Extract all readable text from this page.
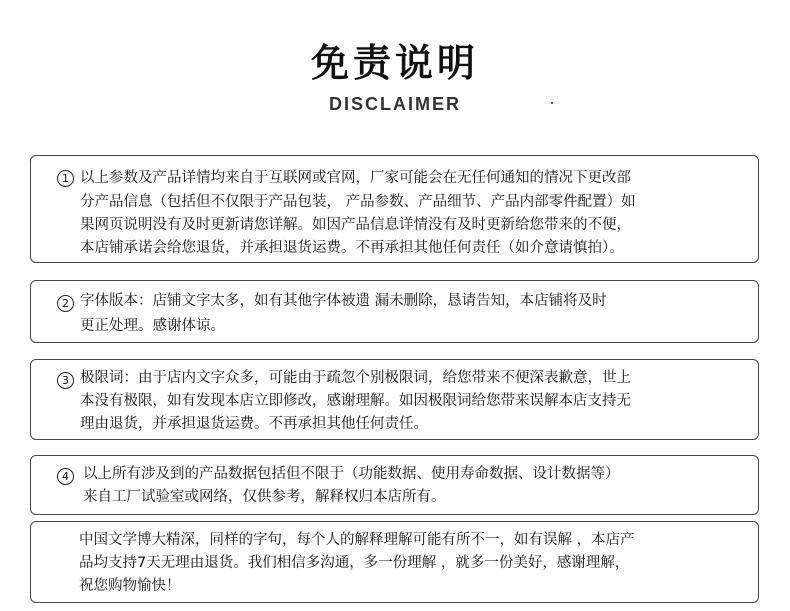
免责说明
DISCLAIMER
1 以上参数及产品详情均来自于互联网或官网，厂家可能会在无任何通知的情况下更改部
分产品信息（包括但不仅限于产品包装， 产品参数、产品细节、产品内部零件配置）如
果网页说明没有及时更新请您详解。如因产品信息详情没有及时更新给您带来的不便，
本店铺承诺会给您退货，并承担退货运费。不再承担其他任何责任（如介意请慎拍）。
2 字体版本：店铺文字太多，如有其他字体被遗 漏未删除，恳请告知，本店铺将及时
更正处理。感谢体谅。
3 极限词：由于店内文字众多，可能由于疏忽个别极限词，给您带来不便深表歉意，世上
本没有极限，如有发现本店立即修改，感谢理解。如因极限词给您带来误解本店支持无
理由退货，并承担退货运费。不再承担其他任何责任。
4 以上所有涉及到的产品数据包括但不限于（功能数据、使用寿命数据、设计数据等）
来自工厂试验室或网络，仅供参考，解释权归本店所有。
中国文学博大精深，同样的字句，每个人的解释理解可能有所不一，如有误解 ，本店产
品均支持7天无理由退货。我们相信多沟通，多一份理解 ，就多一份美好，感谢理解，
祝您购物愉快！
